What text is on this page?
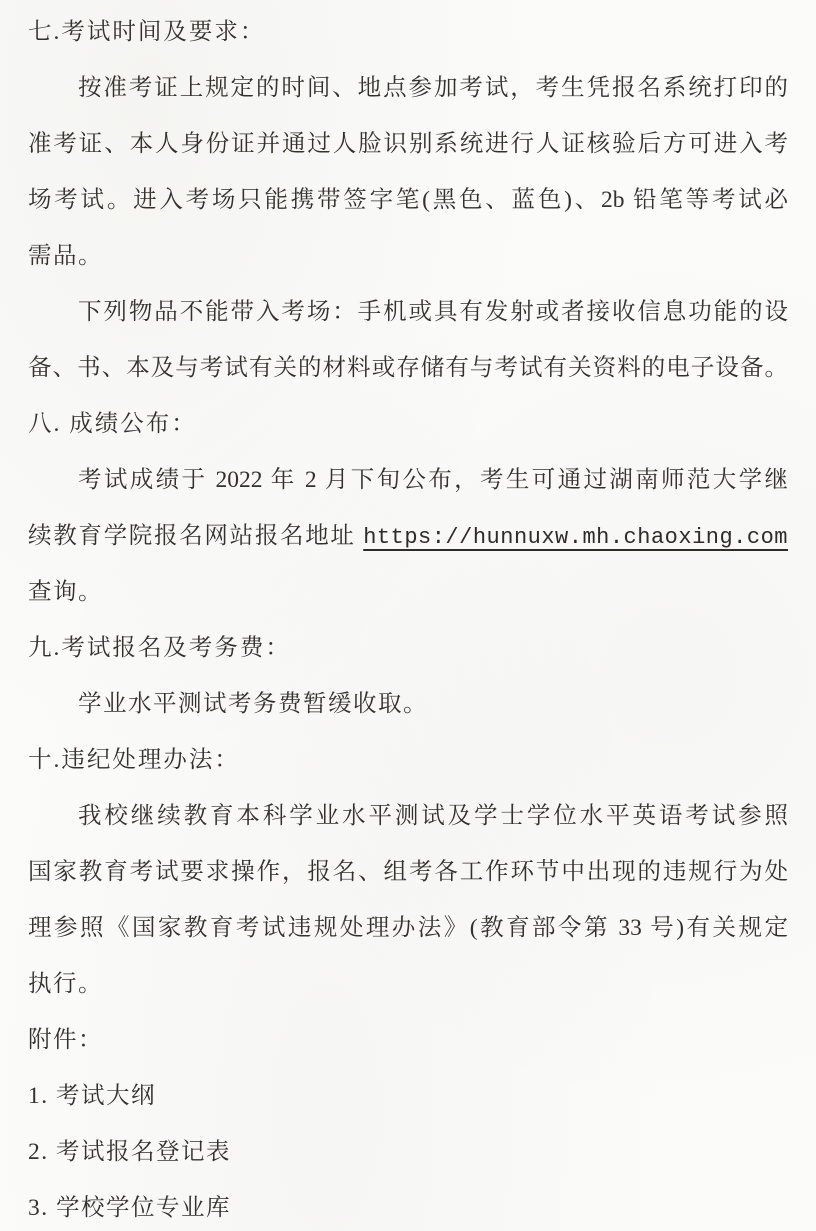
七.考试时间及要求：
按准考证上规定的时间、地点参加考试，考生凭报名系统打印的
准考证、本人身份证并通过人脸识别系统进行人证核验后方可进入考
场考试。进入考场只能携带签字笔(黑色、蓝色)、2b 铅笔等考试必
需品。
下列物品不能带入考场：手机或具有发射或者接收信息功能的设
备、书、本及与考试有关的材料或存储有与考试有关资料的电子设备。
八. 成绩公布：
考试成绩于 2022 年 2 月下旬公布，考生可通过湖南师范大学继
续教育学院报名网站报名地址 https://hunnuxw.mh.chaoxing.com
查询。
九.考试报名及考务费：
学业水平测试考务费暂缓收取。
十.违纪处理办法：
我校继续教育本科学业水平测试及学士学位水平英语考试参照
国家教育考试要求操作，报名、组考各工作环节中出现的违规行为处
理参照《国家教育考试违规处理办法》(教育部令第 33 号)有关规定
执行。
附件：
1. 考试大纲
2. 考试报名登记表
3. 学校学位专业库
